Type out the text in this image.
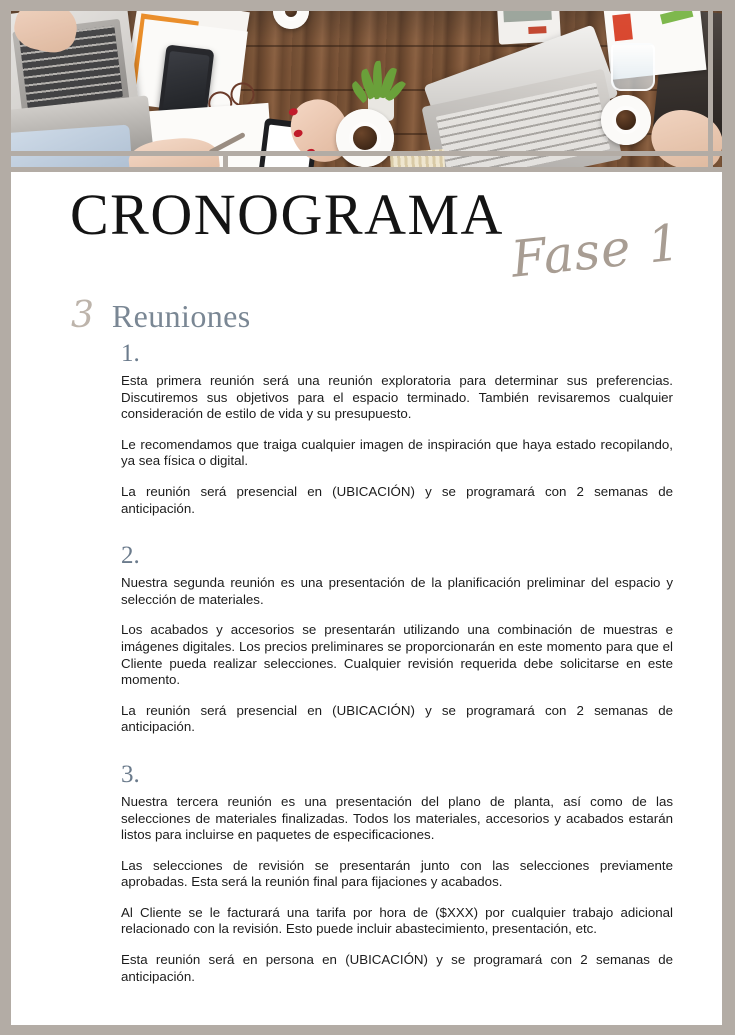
CRONOGRAMA Fase 1
3 Reuniones
1.

Esta primera reunión será una reunión exploratoria para determinar sus preferencias. Discutiremos sus objetivos para el espacio terminado. También revisaremos cualquier consideración de estilo de vida y su presupuesto.

Le recomendamos que traiga cualquier imagen de inspiración que haya estado recopilando, ya sea física o digital.

La reunión será presencial en (UBICACIÓN) y se programará con 2 semanas de anticipación.

2.

Nuestra segunda reunión es una presentación de la planificación preliminar del espacio y selección de materiales.

Los acabados y accesorios se presentarán utilizando una combinación de muestras e imágenes digitales. Los precios preliminares se proporcionarán en este momento para que el Cliente pueda realizar selecciones. Cualquier revisión requerida debe solicitarse en este momento.

La reunión será presencial en (UBICACIÓN) y se programará con 2 semanas de anticipación.

3.

Nuestra tercera reunión es una presentación del plano de planta, así como de las selecciones de materiales finalizadas. Todos los materiales, accesorios y acabados estarán listos para incluirse en paquetes de especificaciones.

Las selecciones de revisión se presentarán junto con las selecciones previamente aprobadas. Esta será la reunión final para fijaciones y acabados.

Al Cliente se le facturará una tarifa por hora de ($XXX) por cualquier trabajo adicional relacionado con la revisión. Esto puede incluir abastecimiento, presentación, etc.

Esta reunión será en persona en (UBICACIÓN) y se programará con 2 semanas de anticipación.
